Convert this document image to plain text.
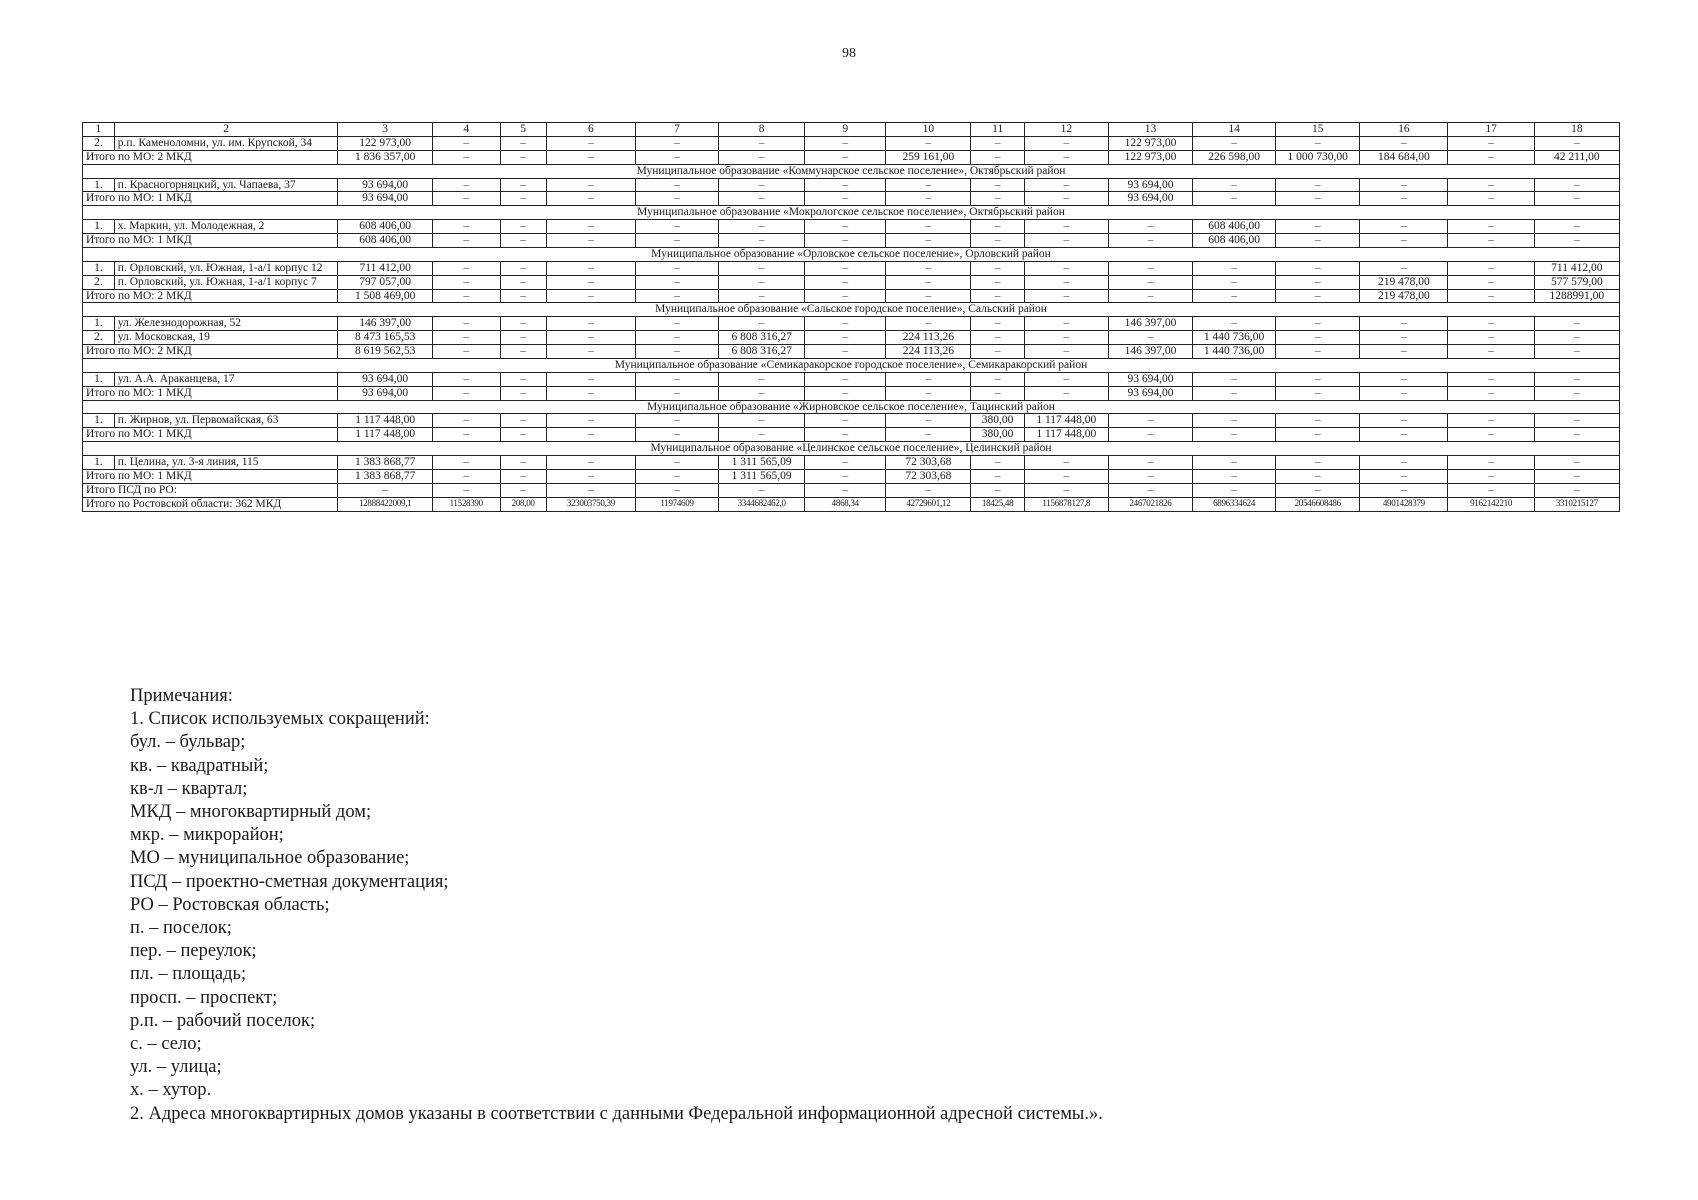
98
1	2	3	4	5	6	7	8	9	10	11	12	13	14	15	16	17	18
2.	р.п. Каменоломни, ул. им. Крупской, 34	122 973,00	–	–	–	–	–	–	–	–	–	122 973,00	–	–	–	–	–
Итого по МО: 2 МКД		1 836 357,00	–	–	–	–	–	–	259 161,00	–	–	122 973,00	226 598,00	1 000 730,00	184 684,00	–	42 211,00
Муниципальное образование «Коммунарское сельское поселение», Октябрьский район																	
1.	п. Красногорняцкий, ул. Чапаева, 37	93 694,00	–	–	–	–	–	–	–	–	–	93 694,00	–	–	–	–	–
Итого по МО: 1 МКД		93 694,00	–	–	–	–	–	–	–	–	–	93 694,00	–	–	–	–	–
Муниципальное образование «Мокрологское сельское поселение», Октябрьский район																	
1.	х. Маркин, ул. Молодежная, 2	608 406,00	–	–	–	–	–	–	–	–	–	–	608 406,00	–	–	–	–
Итого по МО: 1 МКД		608 406,00	–	–	–	–	–	–	–	–	–	–	608 406,00	–	–	–	–
Муниципальное образование «Орловское сельское поселение», Орловский район																	
1.	п. Орловский, ул. Южная, 1-а/1 корпус 12	711 412,00	–	–	–	–	–	–	–	–	–	–	–	–	–	–	711 412,00
2.	п. Орловский, ул. Южная, 1-а/1 корпус 7	797 057,00	–	–	–	–	–	–	–	–	–	–	–	–	219 478,00	–	577 579,00
Итого по МО: 2 МКД		1 508 469,00	–	–	–	–	–	–	–	–	–	–	–	–	219 478,00	–	1288991,00
Муниципальное образование «Сальское городское поселение», Сальский район																	
1.	ул. Железнодорожная, 52	146 397,00	–	–	–	–	–	–	–	–	–	146 397,00	–	–	–	–	–
2.	ул. Московская, 19	8 473 165,53	–	–	–	–	6 808 316,27	–	224 113,26	–	–	–	1 440 736,00	–	–	–	–
Итого по МО: 2 МКД		8 619 562,53	–	–	–	–	6 808 316,27	–	224 113,26	–	–	146 397,00	1 440 736,00	–	–	–	–
Муниципальное образование «Семикаракорское городское поселение», Семикаракорский район																	
1.	ул. А.А. Араканцева, 17	93 694,00	–	–	–	–	–	–	–	–	–	93 694,00	–	–	–	–	–
Итого по МО: 1 МКД		93 694,00	–	–	–	–	–	–	–	–	–	93 694,00	–	–	–	–	–
Муниципальное образование «Жирновское сельское поселение», Тацинский район																	
1.	п. Жирнов, ул. Первомайская, 63	1 117 448,00	–	–	–	–	–	–	–	380,00	1 117 448,00	–	–	–	–	–	–
Итого по МО: 1 МКД		1 117 448,00	–	–	–	–	–	–	–	380,00	1 117 448,00	–	–	–	–	–	–
Муниципальное образование «Целинское сельское поселение», Целинский район																	
1.	п. Целина, ул. 3-я линия, 115	1 383 868,77	–	–	–	–	1 311 565,09	–	72 303,68	–	–	–	–	–	–	–	–
Итого по МО: 1 МКД		1 383 868,77	–	–	–	–	1 311 565,09	–	72 303,68	–	–	–	–	–	–	–	–
Итого ПСД по РО:		–	–	–	–	–	–	–	–	–	–	–	–	–	–	–	–
Итого по Ростовской области: 362 МКД		12888422009,1	11528390	208,00	323003750,39	11974609	3344682462,0	4868,34	42729601,12	18425,48	1156878127,8	2467021826	6896334624	20546608486	4901428379	9162142210	3310215127
Примечания:
1. Список используемых сокращений:
бул. – бульвар;
кв. – квадратный;
кв-л – квартал;
МКД – многоквартирный дом;
мкр. – микрорайон;
МО – муниципальное образование;
ПСД – проектно-сметная документация;
РО – Ростовская область;
п. – поселок;
пер. – переулок;
пл. – площадь;
просп. – проспект;
р.п. – рабочий поселок;
с. – село;
ул. – улица;
х. – хутор.
2. Адреса многоквартирных домов указаны в соответствии с данными Федеральной информационной адресной системы.».
